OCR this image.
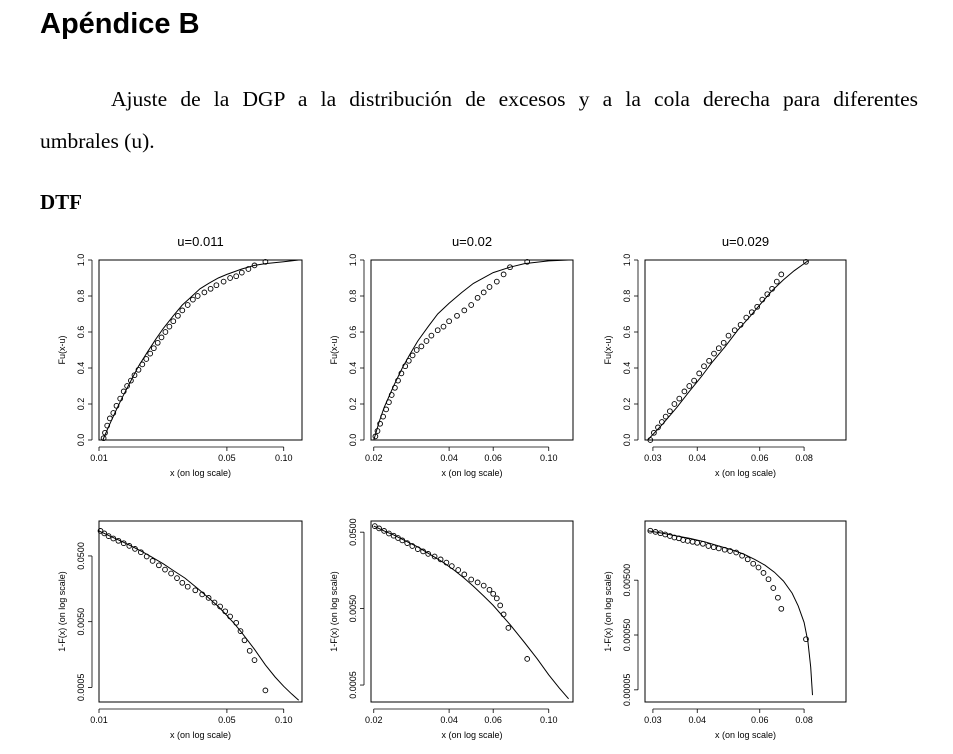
Apéndice B

Ajuste de la DGP a la distribución de excesos y a la cola derecha para diferentes
umbrales (u).

DTF
u=0.011
0.01	0.05	0.10
x (on log scale)
0.0
0.2
0.4
0.6
0.8
1.0
Fu(x-u)
u=0.02
0.02	0.04	0.06	0.10
x (on log scale)
0.0
0.2
0.4
0.6
0.8
1.0
Fu(x-u)
u=0.029
0.03	0.04	0.06	0.08
x (on log scale)
0.0
0.2
0.4
0.6
0.8
1.0
Fu(x-u)
0.01	0.05	0.10
x (on log scale)
0.0005
0.0050
0.0500
1-F(x) (on log scale)
0.02	0.04	0.06	0.10
x (on log scale)
0.0005
0.0050
0.0500
1-F(x) (on log scale)
0.03	0.04	0.06	0.08
x (on log scale)
0.00005
0.00050
0.00500
1-F(x) (on log scale)
